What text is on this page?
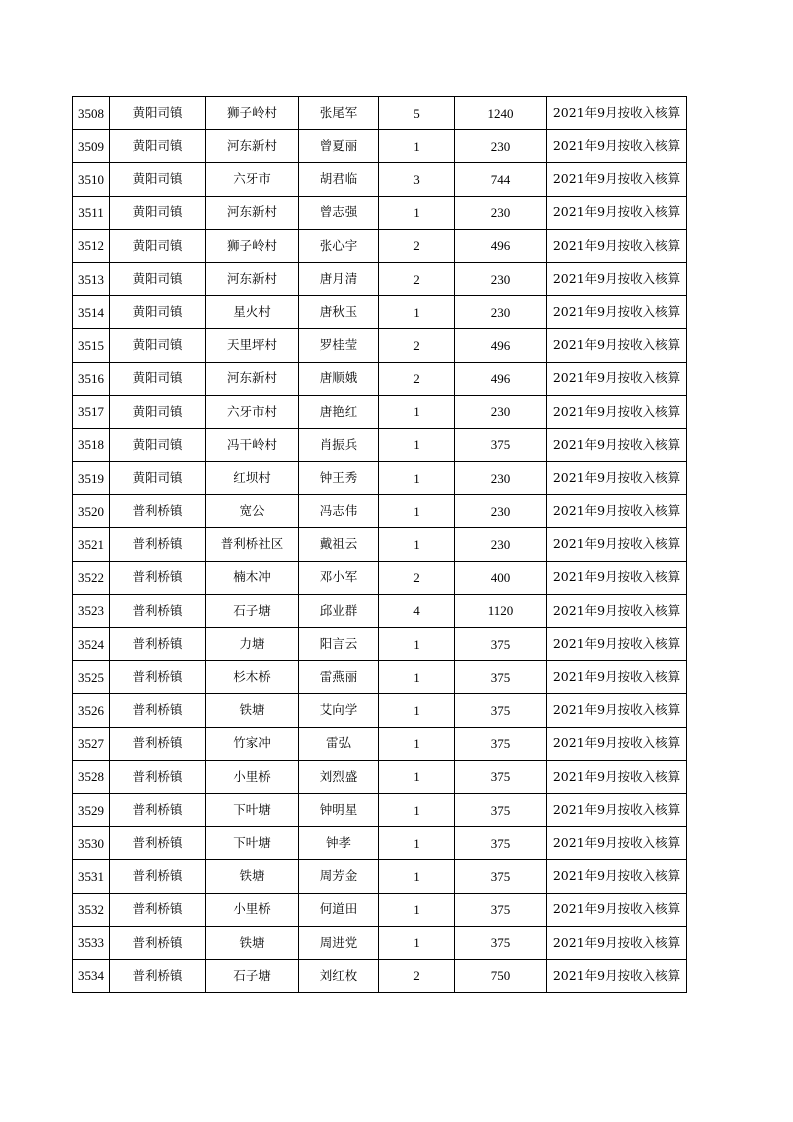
3508	黄阳司镇	狮子岭村	张尾军	5	1240	2021年9月按收入核算
3509	黄阳司镇	河东新村	曾夏丽	1	230	2021年9月按收入核算
3510	黄阳司镇	六牙市	胡君临	3	744	2021年9月按收入核算
3511	黄阳司镇	河东新村	曾志强	1	230	2021年9月按收入核算
3512	黄阳司镇	狮子岭村	张心宇	2	496	2021年9月按收入核算
3513	黄阳司镇	河东新村	唐月清	2	230	2021年9月按收入核算
3514	黄阳司镇	星火村	唐秋玉	1	230	2021年9月按收入核算
3515	黄阳司镇	天里坪村	罗桂莹	2	496	2021年9月按收入核算
3516	黄阳司镇	河东新村	唐顺娥	2	496	2021年9月按收入核算
3517	黄阳司镇	六牙市村	唐艳红	1	230	2021年9月按收入核算
3518	黄阳司镇	冯干岭村	肖振兵	1	375	2021年9月按收入核算
3519	黄阳司镇	红坝村	钟王秀	1	230	2021年9月按收入核算
3520	普利桥镇	宽公	冯志伟	1	230	2021年9月按收入核算
3521	普利桥镇	普利桥社区	戴祖云	1	230	2021年9月按收入核算
3522	普利桥镇	楠木冲	邓小军	2	400	2021年9月按收入核算
3523	普利桥镇	石子塘	邱业群	4	1120	2021年9月按收入核算
3524	普利桥镇	力塘	阳言云	1	375	2021年9月按收入核算
3525	普利桥镇	杉木桥	雷燕丽	1	375	2021年9月按收入核算
3526	普利桥镇	铁塘	艾向学	1	375	2021年9月按收入核算
3527	普利桥镇	竹家冲	雷弘	1	375	2021年9月按收入核算
3528	普利桥镇	小里桥	刘烈盛	1	375	2021年9月按收入核算
3529	普利桥镇	下叶塘	钟明星	1	375	2021年9月按收入核算
3530	普利桥镇	下叶塘	钟孝	1	375	2021年9月按收入核算
3531	普利桥镇	铁塘	周芳金	1	375	2021年9月按收入核算
3532	普利桥镇	小里桥	何道田	1	375	2021年9月按收入核算
3533	普利桥镇	铁塘	周进党	1	375	2021年9月按收入核算
3534	普利桥镇	石子塘	刘红枚	2	750	2021年9月按收入核算
